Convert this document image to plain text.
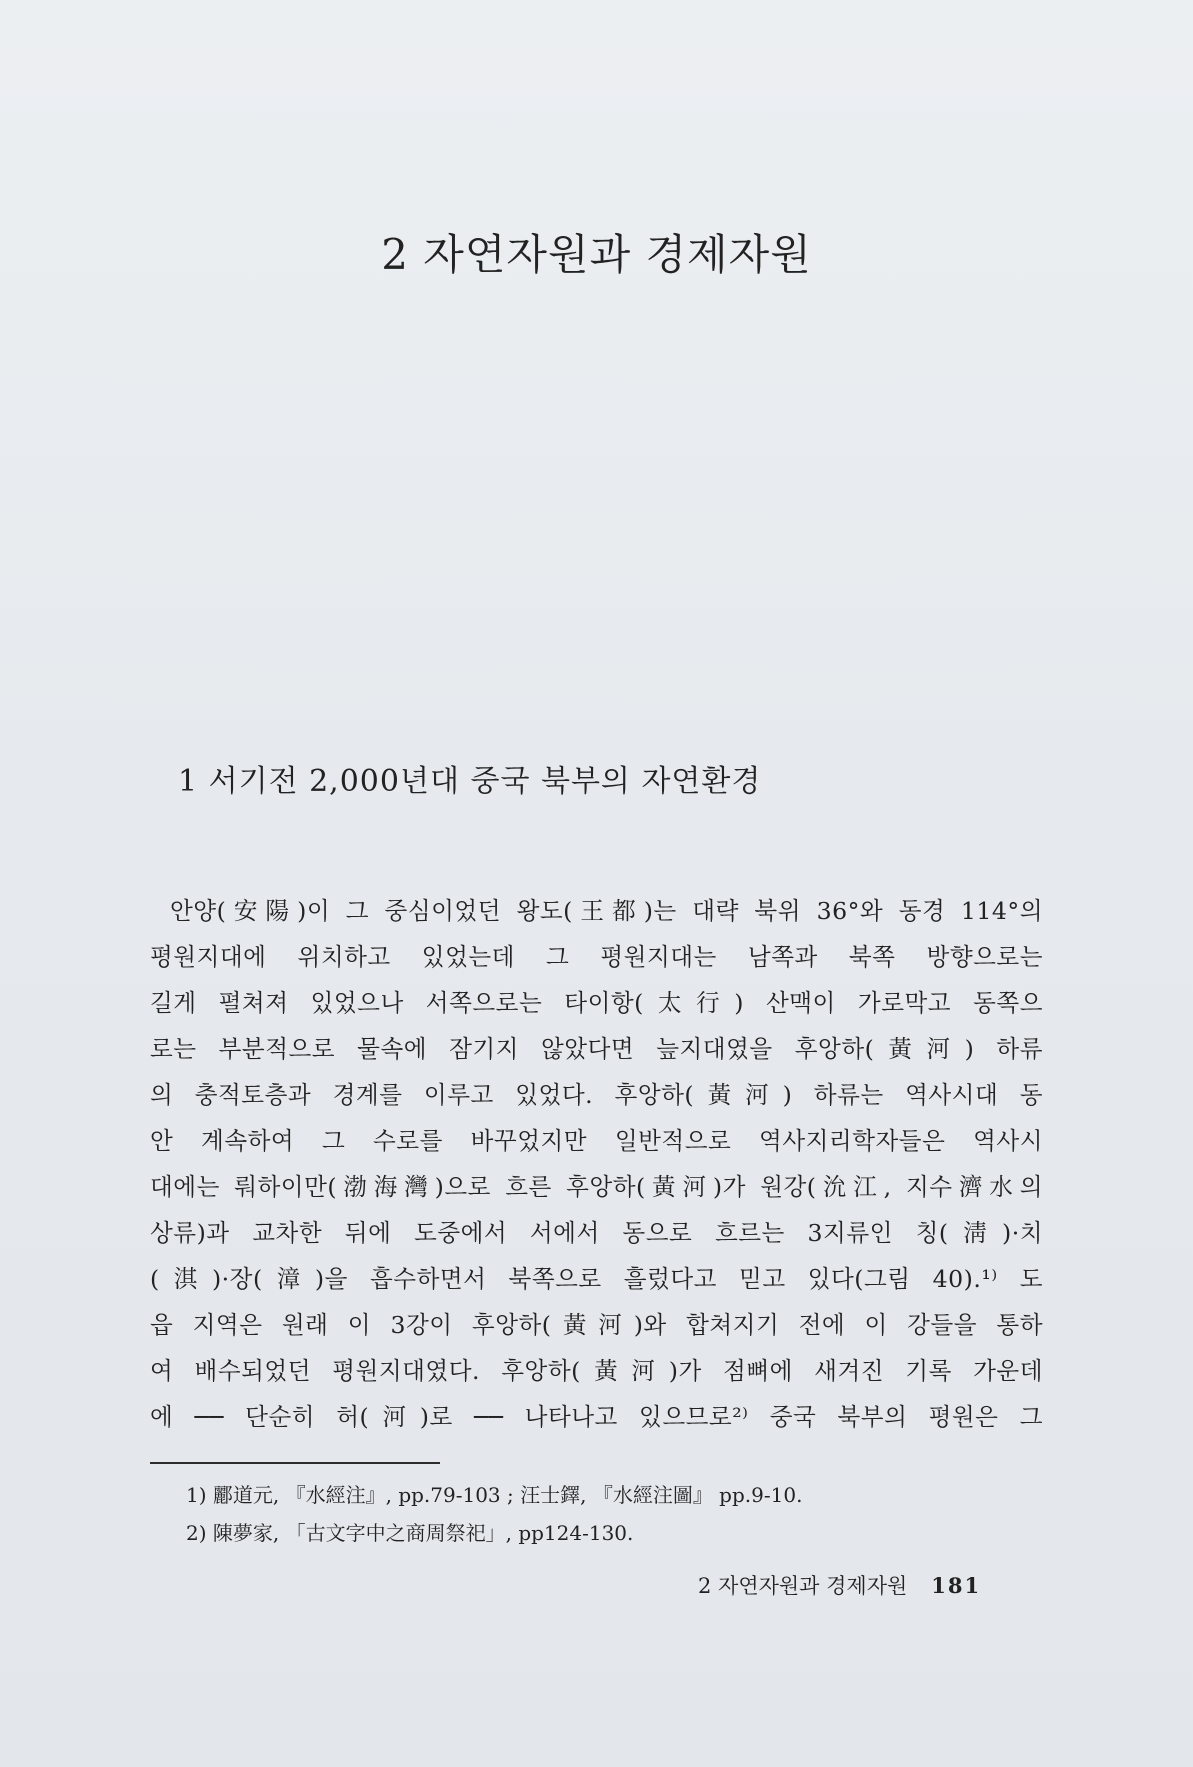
2 자연자원과 경제자원
1 서기전 2,000년대 중국 북부의 자연환경
안양(安陽)이 그 중심이었던 왕도(王都)는 대략 북위 36°와 동경 114°의
평원지대에 위치하고 있었는데 그 평원지대는 남쪽과 북쪽 방향으로는
길게 펼쳐져 있었으나 서쪽으로는 타이항(太行) 산맥이 가로막고 동쪽으
로는 부분적으로 물속에 잠기지 않았다면 늪지대였을 후앙하(黃河) 하류
의 충적토층과 경계를 이루고 있었다. 후앙하(黃河) 하류는 역사시대 동
안 계속하여 그 수로를 바꾸었지만 일반적으로 역사지리학자들은 역사시
대에는 뤄하이만(渤海灣)으로 흐른 후앙하(黃河)가 원강(沇江, 지수濟水의
상류)과 교차한 뒤에 도중에서 서에서 동으로 흐르는 3지류인 칭(淸)·치
(淇)·장(漳)을 흡수하면서 북쪽으로 흘렀다고 믿고 있다(그림 40).¹⁾ 도
읍 지역은 원래 이 3강이 후앙하(黃河)와 합쳐지기 전에 이 강들을 통하
여 배수되었던 평원지대였다. 후앙하(黃河)가 점뼈에 새겨진 기록 가운데
에 ── 단순히 허(河)로 ── 나타나고 있으므로²⁾ 중국 북부의 평원은 그
1) 酈道元, 『水經注』, pp.79-103 ; 汪士鐸, 『水經注圖』 pp.9-10.
2) 陳夢家, 「古文字中之商周祭祀」, pp124-130.
2 자연자원과 경제자원 181
